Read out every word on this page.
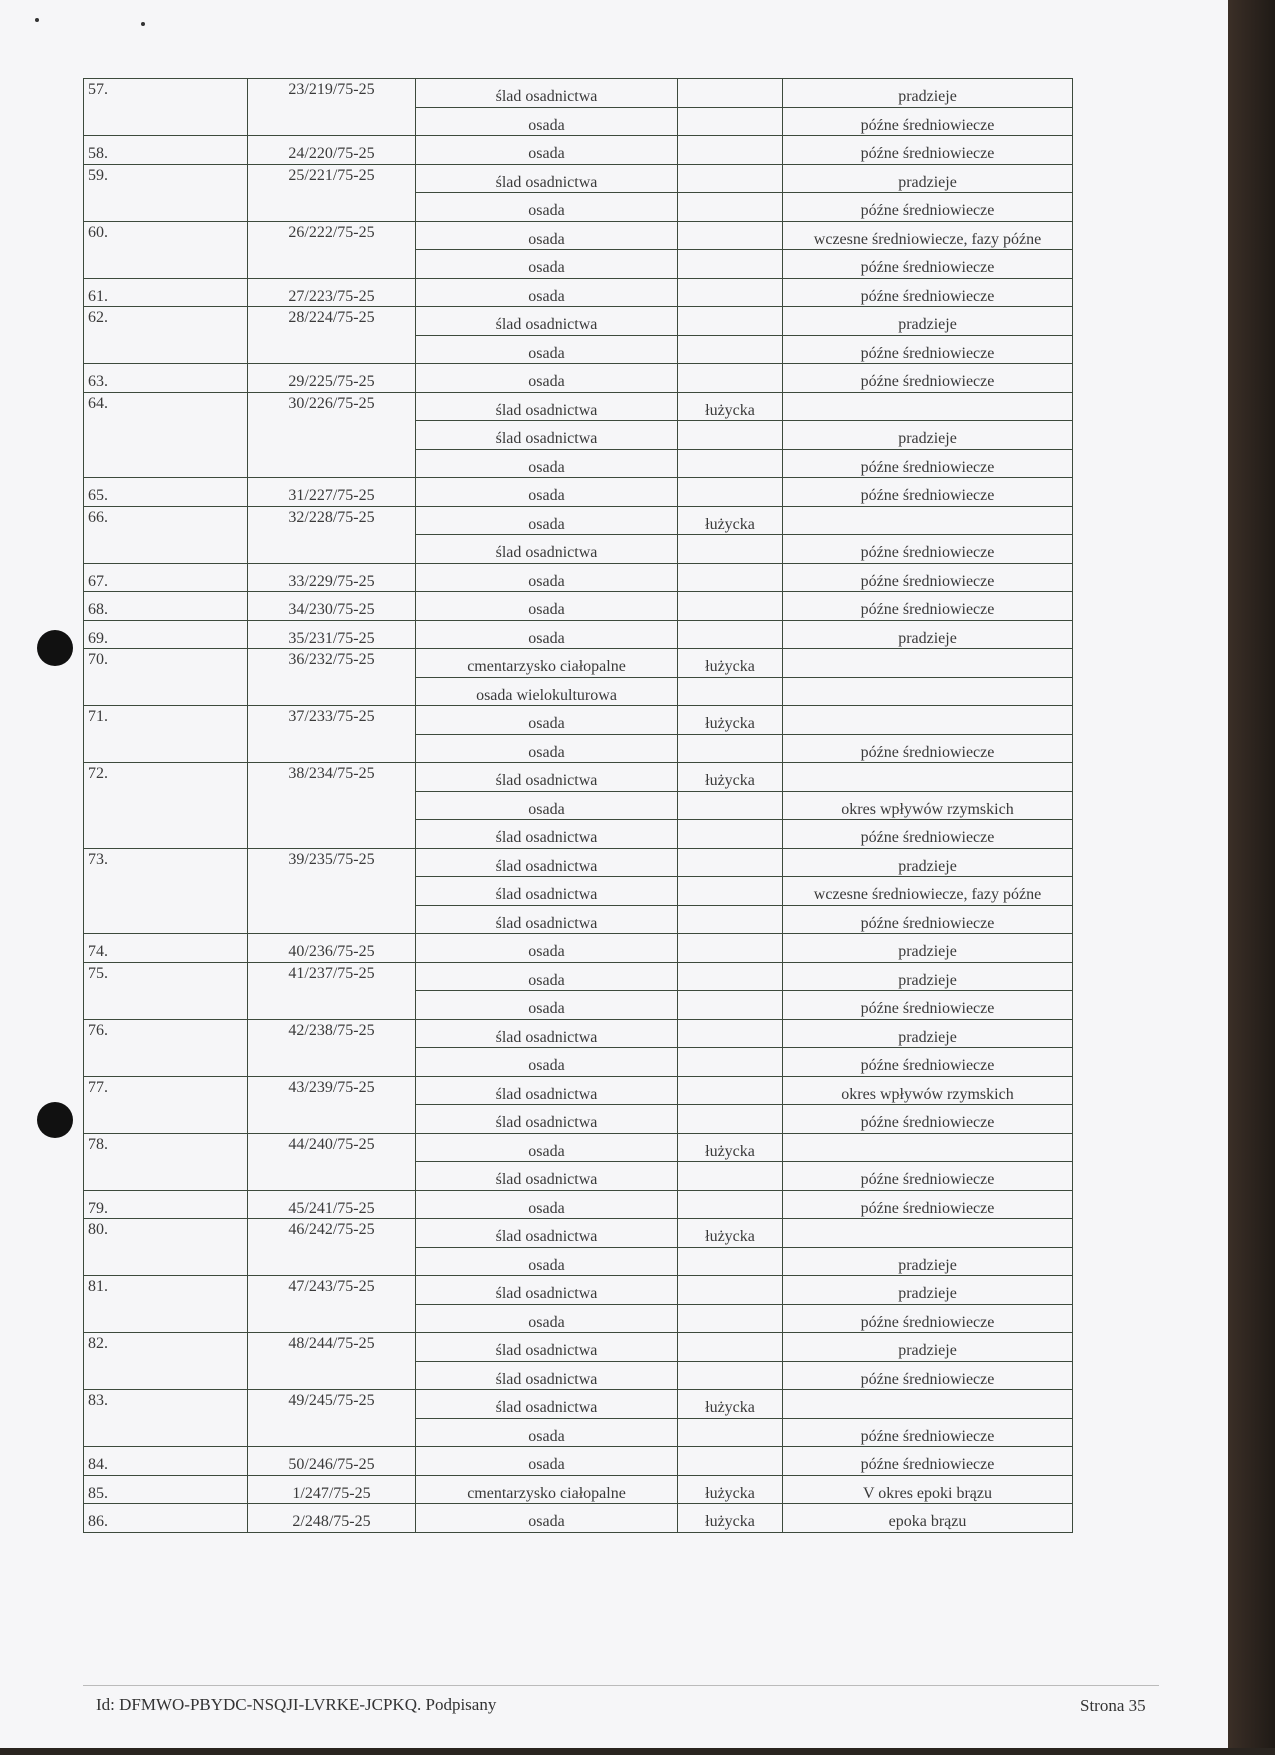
57.	23/219/75-25	ślad osadnictwa		pradzieje
		osada		późne średniowiecze
58.	24/220/75-25	osada		późne średniowiecze
59.	25/221/75-25	ślad osadnictwa		pradzieje
		osada		późne średniowiecze
60.	26/222/75-25	osada		wczesne średniowiecze, fazy późne
		osada		późne średniowiecze
61.	27/223/75-25	osada		późne średniowiecze
62.	28/224/75-25	ślad osadnictwa		pradzieje
		osada		późne średniowiecze
63.	29/225/75-25	osada		późne średniowiecze
64.	30/226/75-25	ślad osadnictwa	łużycka	
		ślad osadnictwa		pradzieje
		osada		późne średniowiecze
65.	31/227/75-25	osada		późne średniowiecze
66.	32/228/75-25	osada	łużycka	
		ślad osadnictwa		późne średniowiecze
67.	33/229/75-25	osada		późne średniowiecze
68.	34/230/75-25	osada		późne średniowiecze
69.	35/231/75-25	osada		pradzieje
70.	36/232/75-25	cmentarzysko ciałopalne	łużycka	
		osada wielokulturowa		
71.	37/233/75-25	osada	łużycka	
		osada		późne średniowiecze
72.	38/234/75-25	ślad osadnictwa	łużycka	
		osada		okres wpływów rzymskich
		ślad osadnictwa		późne średniowiecze
73.	39/235/75-25	ślad osadnictwa		pradzieje
		ślad osadnictwa		wczesne średniowiecze, fazy późne
		ślad osadnictwa		późne średniowiecze
74.	40/236/75-25	osada		pradzieje
75.	41/237/75-25	osada		pradzieje
		osada		późne średniowiecze
76.	42/238/75-25	ślad osadnictwa		pradzieje
		osada		późne średniowiecze
77.	43/239/75-25	ślad osadnictwa		okres wpływów rzymskich
		ślad osadnictwa		późne średniowiecze
78.	44/240/75-25	osada	łużycka	
		ślad osadnictwa		późne średniowiecze
79.	45/241/75-25	osada		późne średniowiecze
80.	46/242/75-25	ślad osadnictwa	łużycka	
		osada		pradzieje
81.	47/243/75-25	ślad osadnictwa		pradzieje
		osada		późne średniowiecze
82.	48/244/75-25	ślad osadnictwa		pradzieje
		ślad osadnictwa		późne średniowiecze
83.	49/245/75-25	ślad osadnictwa	łużycka	
		osada		późne średniowiecze
84.	50/246/75-25	osada		późne średniowiecze
85.	1/247/75-25	cmentarzysko ciałopalne	łużycka	V okres epoki brązu
86.	2/248/75-25	osada	łużycka	epoka brązu
Id: DFMWO-PBYDC-NSQJI-LVRKE-JCPKQ. Podpisany	Strona 35
